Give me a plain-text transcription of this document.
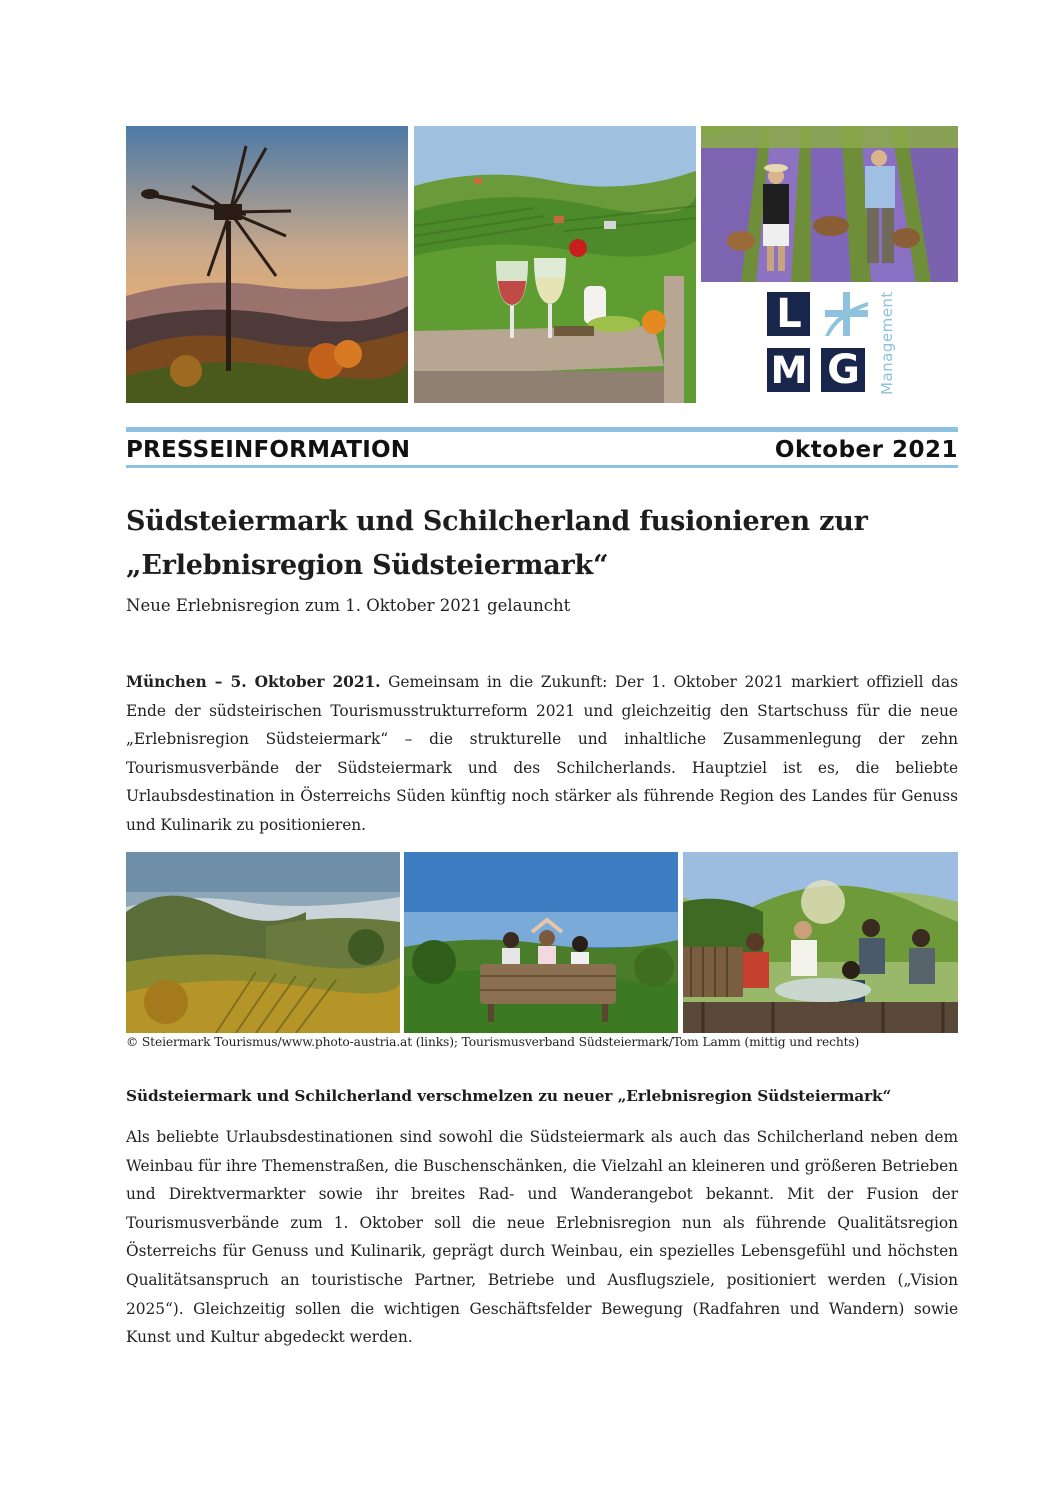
L
M G	Management
PRESSEINFORMATION	Oktober 2021
Südsteiermark und Schilcherland fusionieren zur „Erlebnisregion Südsteiermark“
Neue Erlebnisregion zum 1. Oktober 2021 gelauncht
München – 5. Oktober 2021. Gemeinsam in die Zukunft: Der 1. Oktober 2021 markiert offiziell das Ende der südsteirischen Tourismusstrukturreform 2021 und gleichzeitig den Startschuss für die neue „Erlebnisregion Südsteiermark“ – die strukturelle und inhaltliche Zusammenlegung der zehn Tourismusverbände der Südsteiermark und des Schilcherlands. Hauptziel ist es, die beliebte Urlaubsdestination in Österreichs Süden künftig noch stärker als führende Region des Landes für Genuss und Kulinarik zu positionieren.
© Steiermark Tourismus/www.photo-austria.at (links); Tourismusverband Südsteiermark/Tom Lamm (mittig und rechts)
Südsteiermark und Schilcherland verschmelzen zu neuer „Erlebnisregion Südsteiermark“
Als beliebte Urlaubsdestinationen sind sowohl die Südsteiermark als auch das Schilcherland neben dem Weinbau für ihre Themenstraßen, die Buschenschänken, die Vielzahl an kleineren und größeren Betrieben und Direktvermarkter sowie ihr breites Rad- und Wanderangebot bekannt. Mit der Fusion der Tourismusverbände zum 1. Oktober soll die neue Erlebnisregion nun als führende Qualitätsregion Österreichs für Genuss und Kulinarik, geprägt durch Weinbau, ein spezielles Lebensgefühl und höchsten Qualitätsanspruch an touristische Partner, Betriebe und Ausflugsziele, positioniert werden („Vision 2025“). Gleichzeitig sollen die wichtigen Geschäftsfelder Bewegung (Radfahren und Wandern) sowie Kunst und Kultur abgedeckt werden.
